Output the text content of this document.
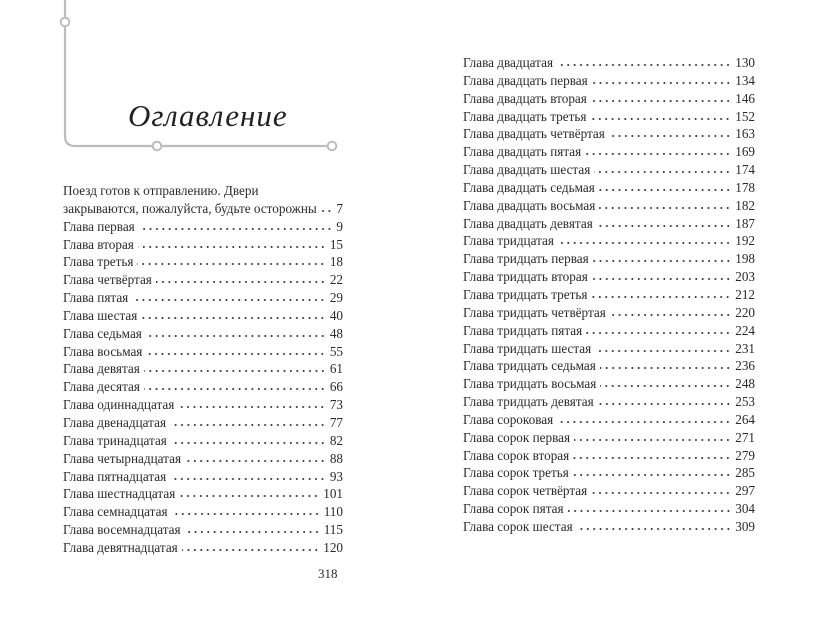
Оглавление
Поезд готов к отправлению. Двери
закрываются, пожалуйста, будьте осторожны 7
Глава первая	9
Глава вторая	15
Глава третья	18
Глава четвёртая	22
Глава пятая	29
Глава шестая	40
Глава седьмая	48
Глава восьмая	55
Глава девятая	61
Глава десятая	66
Глава одиннадцатая	73
Глава двенадцатая	77
Глава тринадцатая	82
Глава четырнадцатая	88
Глава пятнадцатая	93
Глава шестнадцатая	101
Глава семнадцатая	110
Глава восемнадцатая	115
Глава девятнадцатая	120
Глава двадцатая	130
Глава двадцать первая	134
Глава двадцать вторая	146
Глава двадцать третья	152
Глава двадцать четвёртая	163
Глава двадцать пятая	169
Глава двадцать шестая	174
Глава двадцать седьмая	178
Глава двадцать восьмая	182
Глава двадцать девятая	187
Глава тридцатая	192
Глава тридцать первая	198
Глава тридцать вторая	203
Глава тридцать третья	212
Глава тридцать четвёртая	220
Глава тридцать пятая	224
Глава тридцать шестая	231
Глава тридцать седьмая	236
Глава тридцать восьмая	248
Глава тридцать девятая	253
Глава сороковая	264
Глава сорок первая	271
Глава сорок вторая	279
Глава сорок третья	285
Глава сорок четвёртая	297
Глава сорок пятая	304
Глава сорок шестая	309
318
